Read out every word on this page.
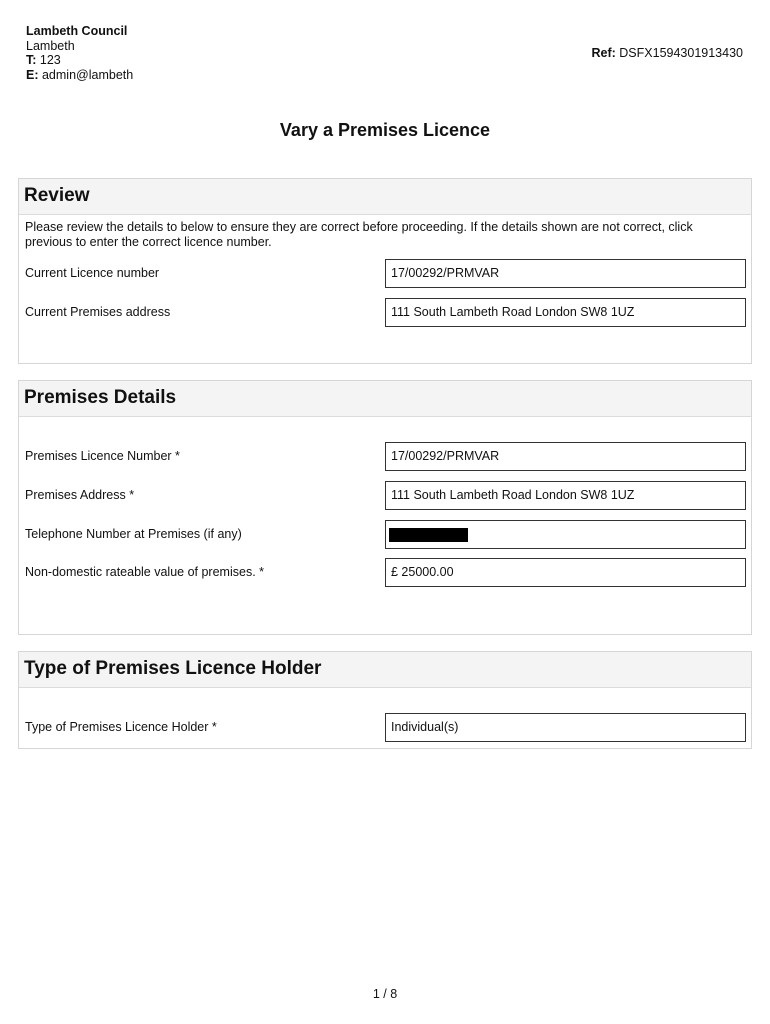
Lambeth Council
Lambeth
T: 123
E: admin@lambeth
Ref: DSFX1594301913430
Vary a Premises Licence
Review
Please review the details to below to ensure they are correct before proceeding. If the details shown are not correct, click previous to enter the correct licence number.
Current Licence number	17/00292/PRMVAR
Current Premises address	111 South Lambeth Road London SW8 1UZ
Premises Details
Premises Licence Number *	17/00292/PRMVAR
Premises Address *	111 South Lambeth Road London SW8 1UZ
Telephone Number at Premises (if any)
Non-domestic rateable value of premises. *	£ 25000.00
Type of Premises Licence Holder
Type of Premises Licence Holder *	Individual(s)
1 / 8
